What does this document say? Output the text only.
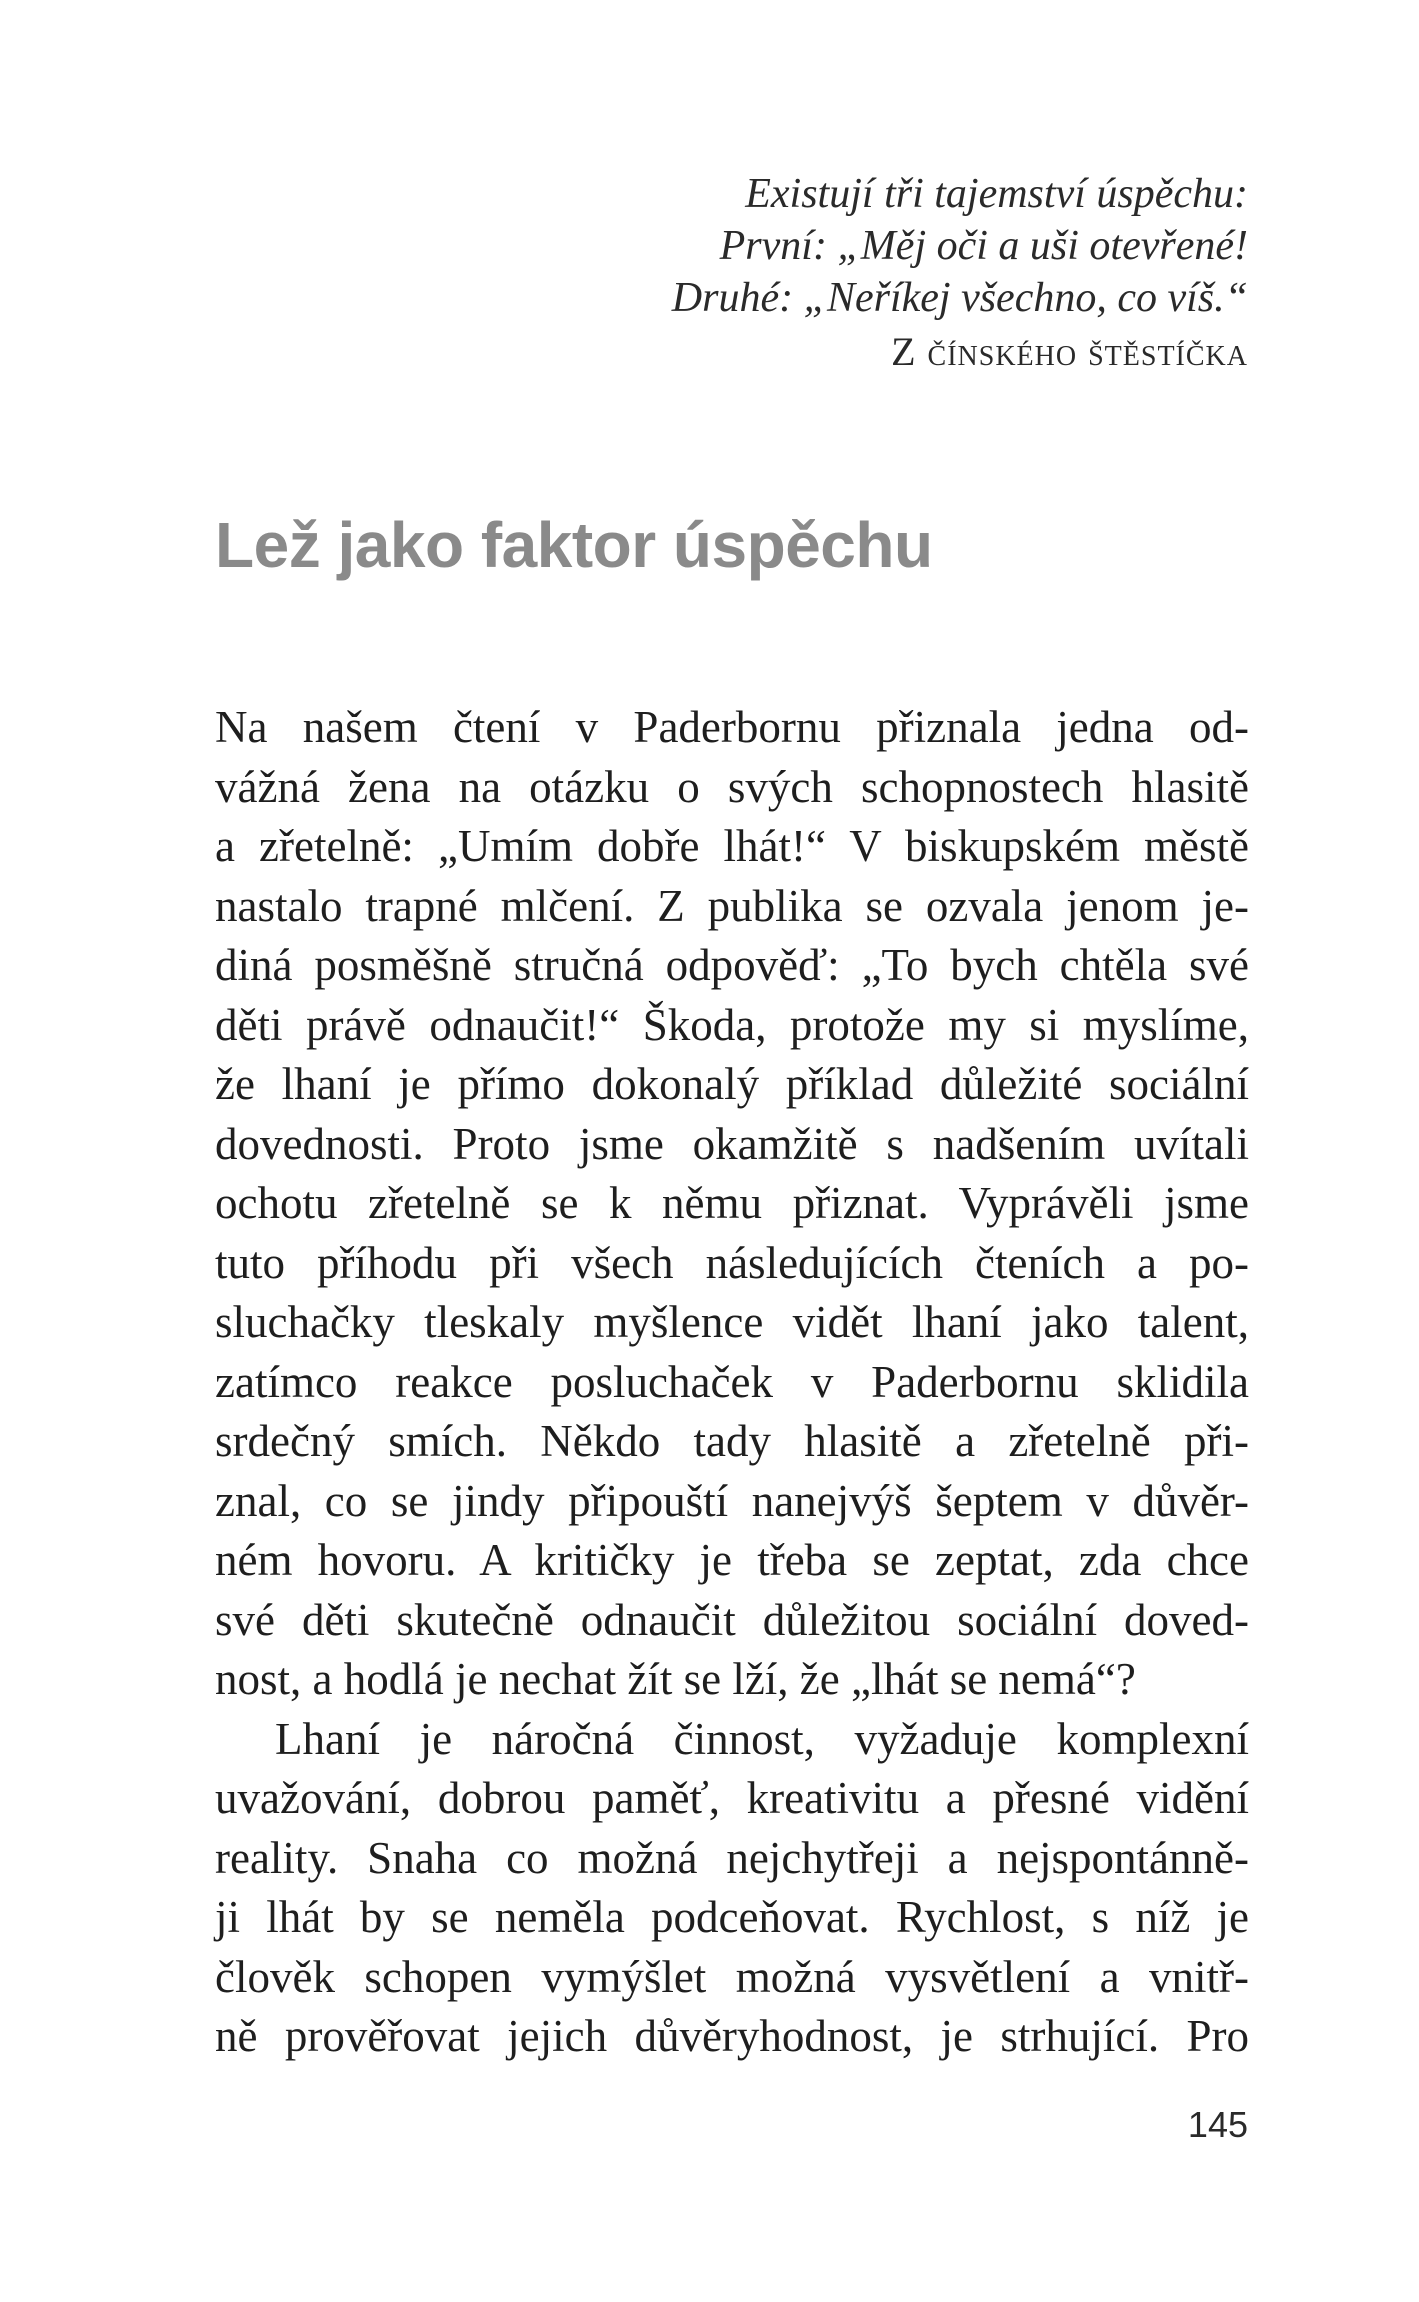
Existují tři tajemství úspěchu:
První: „Měj oči a uši otevřené!
Druhé: „Neříkej všechno, co víš.“
Z čínského štěstíčka
Lež jako faktor úspěchu
Na našem čtení v Paderbornu přiznala jedna od-
vážná žena na otázku o svých schopnostech hlasitě
a zřetelně: „Umím dobře lhát!“ V biskupském městě
nastalo trapné mlčení. Z publika se ozvala jenom je-
diná posměšně stručná odpověď: „To bych chtěla své
děti právě odnaučit!“ Škoda, protože my si myslíme,
že lhaní je přímo dokonalý příklad důležité sociální
dovednosti. Proto jsme okamžitě s nadšením uvítali
ochotu zřetelně se k němu přiznat. Vyprávěli jsme
tuto příhodu při všech následujících čteních a po-
sluchačky tleskaly myšlence vidět lhaní jako talent,
zatímco reakce posluchaček v Paderbornu sklidila
srdečný smích. Někdo tady hlasitě a zřetelně při-
znal, co se jindy připouští nanejvýš šeptem v důvěr-
ném hovoru. A kritičky je třeba se zeptat, zda chce
své děti skutečně odnaučit důležitou sociální doved-
nost, a hodlá je nechat žít se lží, že „lhát se nemá“?
Lhaní je náročná činnost, vyžaduje komplexní
uvažování, dobrou paměť, kreativitu a přesné vidění
reality. Snaha co možná nejchytřeji a nejspontánně-
ji lhát by se neměla podceňovat. Rychlost, s níž je
člověk schopen vymýšlet možná vysvětlení a vnitř-
ně prověřovat jejich důvěryhodnost, je strhující. Pro
145
